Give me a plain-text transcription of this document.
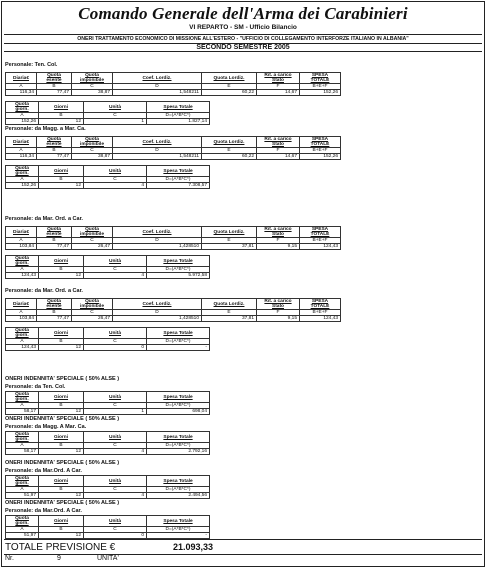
Comando Generale dell'Arma dei Carabinieri
VI REPARTO - SM - Ufficio Bilancio
ONERI TRATTAMENTO ECONOMICO DI MISSIONE ALL'ESTERO - "UFFICIO DI COLLEGAMENTO INTERFORZE ITALIANO IN ALBANIA"
SECONDO SEMESTRE 2005
Personale: Ten. Col.
Diaria€	Quota esente	Quota imponibile	Coef. Lordiz.	Quota Lordiz.	Rit. a carico Stato	SPESA TOTALE
A	B	C	D	E	F	B+E+F
116,34	77,47	38,87	1,548211	60,22	14,67	152,26
Quota giorn.	Giorni	Unità	Spesa Totale
A	B	C	D=(A*B*C*)
152,26	12	1	1.827,14
Personale: da Magg. a Mar. Ca.
Diaria€	Quota esente	Quota imponibile	Coef. Lordiz.	Quota Lordiz.	Rit. a carico Stato	SPESA TOTALE
A	B	C	D	E	F	B+E+F
116,34	77,47	38,87	1,548211	60,22	14,67	152,26
Quota giorn.	Giorni	Unità	Spesa Totale
A	B	C	D=(A*B*C*)
152,26	12	4	7.308,57
Personale: da Mar. Ord. a Car.
Diaria€	Quota esente	Quota imponibile	Coef. Lordiz.	Quota Lordiz.	Rit. a carico Stato	SPESA TOTALE
A	B	C	D	E	F	B+E+F
103,84	77,47	26,47	1,428510	37,81	9,15	124,43
Quota giorn.	Giorni	Unità	Spesa Totale
A	B	C	D=(A*B*C*)
124,43	12	4	5.972,58
Personale: da Mar. Ord. a Car.
Diaria€	Quota esente	Quota imponibile	Coef. Lordiz.	Quota Lordiz.	Rit. a carico Stato	SPESA TOTALE
A	B	C	D	E	F	B+E+F
103,84	77,47	26,47	1,428510	37,81	9,15	124,43
Quota giorn.	Giorni	Unità	Spesa Totale
A	B	C	D=(A*B*C*)
124,43	12	0	-
ONERI INDENNITA' SPECIALE ( 50% ALSE )
Personale: da Ten. Col.
Quota giorn.	Giorni	Unità	Spesa Totale
A	B	C	D=(A*B*C*)
58,17	12	1	698,04
ONERI INDENNITA' SPECIALE ( 50% ALSE )
Personale: da Magg. A Mar. Ca.
Quota giorn.	Giorni	Unità	Spesa Totale
A	B	C	D=(A*B*C*)
58,17	12	4	2.792,16
ONERI INDENNITA' SPECIALE ( 50% ALSE )
Personale: da Mar.Ord. A Car.
Quota giorn.	Giorni	Unità	Spesa Totale
A	B	C	D=(A*B*C*)
51,97	12	4	2.494,56
ONERI INDENNITA' SPECIALE ( 50% ALSE )
Personale: da Mar.Ord. A Car.
Quota giorn.	Giorni	Unità	Spesa Totale
A	B	C	D=(A*B*C*)
51,97	12	0	-
TOTALE PREVISIONE €	21.093,33
Nr.	9	UNITA'
